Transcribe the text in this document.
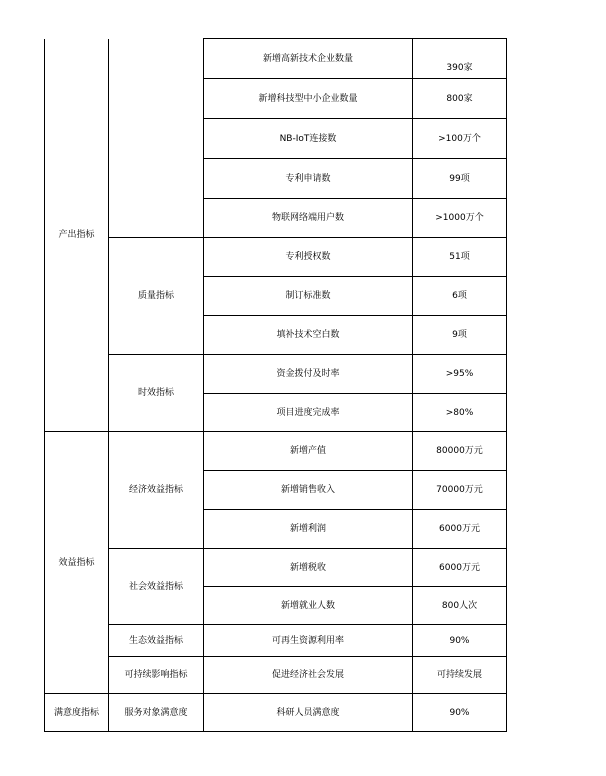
产出指标		新增高新技术企业数量	390家
		新增科技型中小企业数量	800家
		NB-IoT连接数	>100万个
		专利申请数	99项
		物联网络端用户数	>1000万个
	质量指标	专利授权数	51项
		制订标准数	6项
		填补技术空白数	9项
	时效指标	资金拨付及时率	>95%
		项目进度完成率	>80%
效益指标	经济效益指标	新增产值	80000万元
		新增销售收入	70000万元
		新增利润	6000万元
	社会效益指标	新增税收	6000万元
		新增就业人数	800人次
	生态效益指标	可再生资源利用率	90%
	可持续影响指标	促进经济社会发展	可持续发展
满意度指标	服务对象满意度	科研人员满意度	90%
